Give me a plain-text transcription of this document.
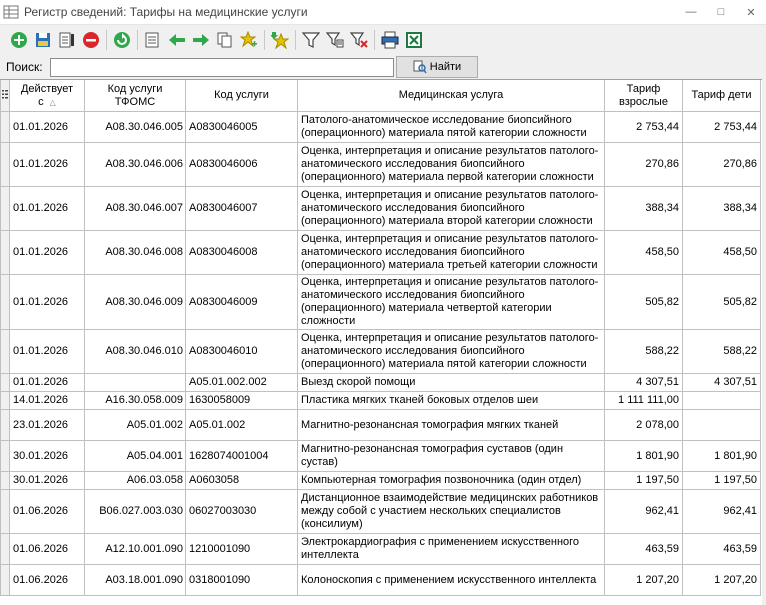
Регистр сведений: Тарифы на медицинские услуги	—	□	✕
Поиск:	Найти
	Действует с △	Код услуги ТФОМС	Код услуги	Медицинская услуга	Тариф взрослые	Тариф дети
	01.01.2026	A08.30.046.005	A0830046005	Патолого-анатомическое исследование биопсийного (операционного) материала пятой категории сложности	2 753,44	2 753,44
	01.01.2026	A08.30.046.006	A0830046006	Оценка, интерпретация и описание результатов патолого-анатомического исследования биопсийного (операционного) материала первой категории сложности	270,86	270,86
	01.01.2026	A08.30.046.007	A0830046007	Оценка, интерпретация и описание результатов патолого-анатомического исследования биопсийного (операционного) материала второй категории сложности	388,34	388,34
	01.01.2026	A08.30.046.008	A0830046008	Оценка, интерпретация и описание результатов патолого-анатомического исследования биопсийного (операционного) материала третьей категории сложности	458,50	458,50
	01.01.2026	A08.30.046.009	A0830046009	Оценка, интерпретация и описание результатов патолого-анатомического исследования биопсийного (операционного) материала четвертой категории сложности	505,82	505,82
	01.01.2026	A08.30.046.010	A0830046010	Оценка, интерпретация и описание результатов патолого-анатомического исследования биопсийного (операционного) материала пятой категории сложности	588,22	588,22
	01.01.2026		A05.01.002.002	Выезд скорой помощи	4 307,51	4 307,51
	14.01.2026	A16.30.058.009	1630058009	Пластика мягких тканей боковых отделов шеи	1 111 111,00	
	23.01.2026	A05.01.002	A05.01.002	Магнитно-резонансная томография мягких тканей	2 078,00	
	30.01.2026	A05.04.001	1628074001004	Магнитно-резонансная томография суставов (один сустав)	1 801,90	1 801,90
	30.01.2026	A06.03.058	A0603058	Компьютерная томография позвоночника (один отдел)	1 197,50	1 197,50
	01.06.2026	B06.027.003.030	06027003030	Дистанционное взаимодействие медицинских работников между собой с участием нескольких специалистов (консилиум)	962,41	962,41
	01.06.2026	A12.10.001.090	1210001090	Электрокардиография с применением искусственного интеллекта	463,59	463,59
	01.06.2026	A03.18.001.090	0318001090	Колоноскопия с применением искусственного интеллекта	1 207,20	1 207,20
